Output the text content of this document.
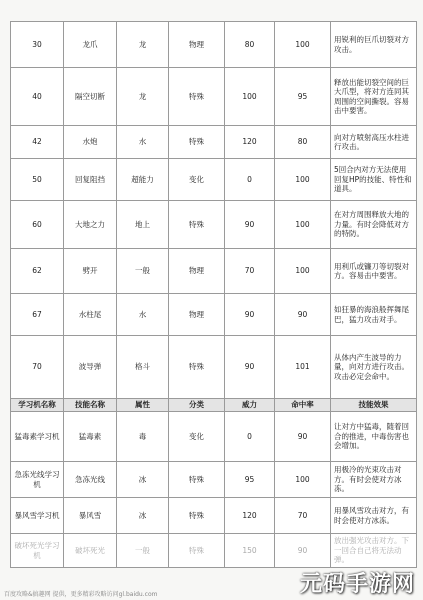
30	龙爪	龙	物理	80	100	用锐利的巨爪切裂对方攻击。
40	隔空切断	龙	特殊	100	95	释放出能切裂空间的巨大爪型，将对方连同其周围的空间撕裂。容易击中要害。
42	水炮	水	特殊	120	80	向对方喷射高压水柱进行攻击。
50	回复阻挡	超能力	变化	0	100	5回合内对方无法使用回复HP的技能、特性和道具。
60	大地之力	地上	特殊	90	100	在对方周围释放大地的力量。有时会降低对方的特防。
62	劈开	一般	物理	70	100	用利爪或镰刀等切裂对方。容易击中要害。
67	水柱尾	水	物理	90	90	如狂暴的海浪般挥舞尾巴，猛力攻击对手。
70	波导弹	格斗	特殊	90	101	从体内产生波导的力量，向对方进行攻击。攻击必定会命中。
学习机名称	技能名称	属性	分类	威力	命中率	技能效果
猛毒素学习机	猛毒素	毒	变化	0	90	让对方中猛毒，随着回合的推进，中毒伤害也会增加。
急冻光线学习机	急冻光线	冰	特殊	95	100	用极冷的光束攻击对方。有时会使对方冰冻。
暴风雪学习机	暴风雪	冰	特殊	120	70	用暴风雪攻击对方，有时会使对方冰冻。
破坏死光学习机	破坏死光	一般	特殊	150	90	放出强光攻击对方。下一回合自己将无法动弹。
百度攻略&搞趣网 提供，更多精彩攻略访问gl.baidu.com	元码手游网
